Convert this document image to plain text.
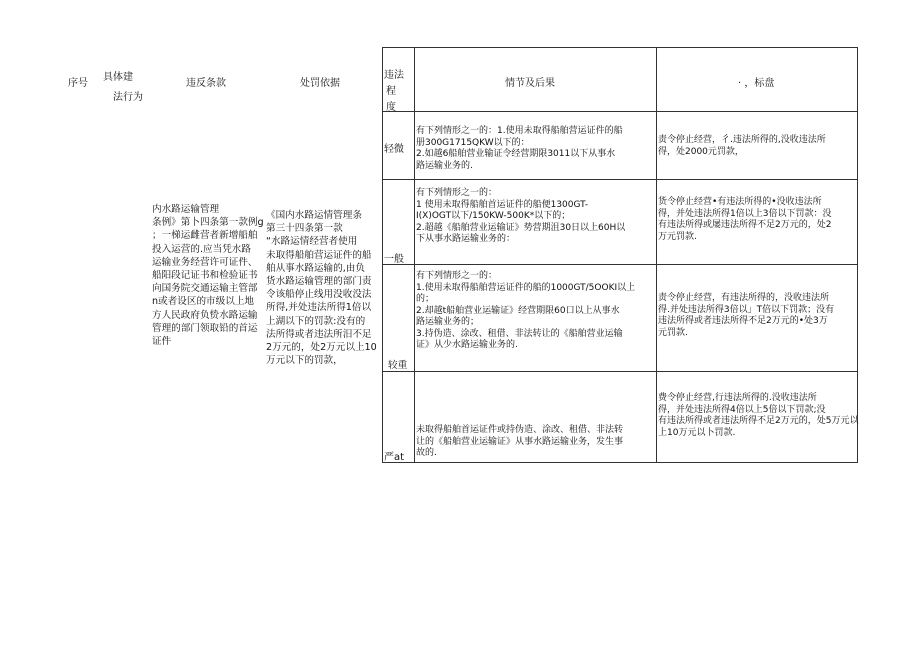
序号
具体建
法行为
违反条款	处罚依据
内水路运输管理
条例》第卜四条第一款例g
；一梯运雌营者新增船舶
投入运营的.应当凭水路
运输业务经营许可证件、
船阳段记证书和检验证书
向国务院交通运输主管部
n或者设区的市级以上地
方人民政府负贽水路运输
管理的部门领取铅的首运
证件
《国内水路运情管理条
第三十四条第一款
“水路运情经营者使用
未取得船舶营运证件的船
舶从事水路运输的,由负
货水路运输管理的部门责
令该船停止线用没收没法
所得,并处违法所得1倍以
上湖以下的罚款:没有的
法所得或者违法所汨不足
2万元的，处2万元以上10
万元以下的罚款，
违法
程
度
情节及后果	· ，标盘
轻微
一般
较重
严at
有下列情形之一的：1.使用未取得船舶营运证件的船
册300G1715QKW以下的：
2.如越6船舶营业输证令经营期限3011以下从事水
路运输业务的.
责令停止经营，彳.违法所得的,没收违法所
得，处2000元罚款，
有下列情形之一的：
1 使用未取得船舶首运证件的船便1300GT-
I(X)OGT以下/150KW-500K*以下的；
2.超越《船舶营业运输证》势营期沮30日以上60H以
下从事水路运输业务的：
货令停止经营•有违法所得的•没收违法所
得，并处违法所得1倍以上3倍以下罚款：没
有违法所得或屡违法所得不足2万元的，处2
万元罚款.
有下列情形之一的：
1.使用未取得船舶营运证件的船的1000GT/5OOKI以上
的；
2.却越t船舶营业运输证》经营期限60口以上从事水
路运输业务的；
3.持伪造、涂改、租借、非法转让的《船舶营业运输
证》从少水路运输业务的.
责令停止经营，有违法所得的，没收违法所
得.并处违法所得3倍以」T倍以下罚款；没有
违法所得或者违法所得不足2万元的•处3万
元罚款.
未取得船舶首运证件或持伪造、涂改、租借、非法转
让的《船舶营业运输证》从事水路运输业务，发生事
故的.
费令停止经营,行违法所得的.没收违法所
得，并处违法所得4倍以上5倍以下罚款;没
有违法所得或者违法所得不足2万元的，处5万元以
上10万元以卜罚款.
